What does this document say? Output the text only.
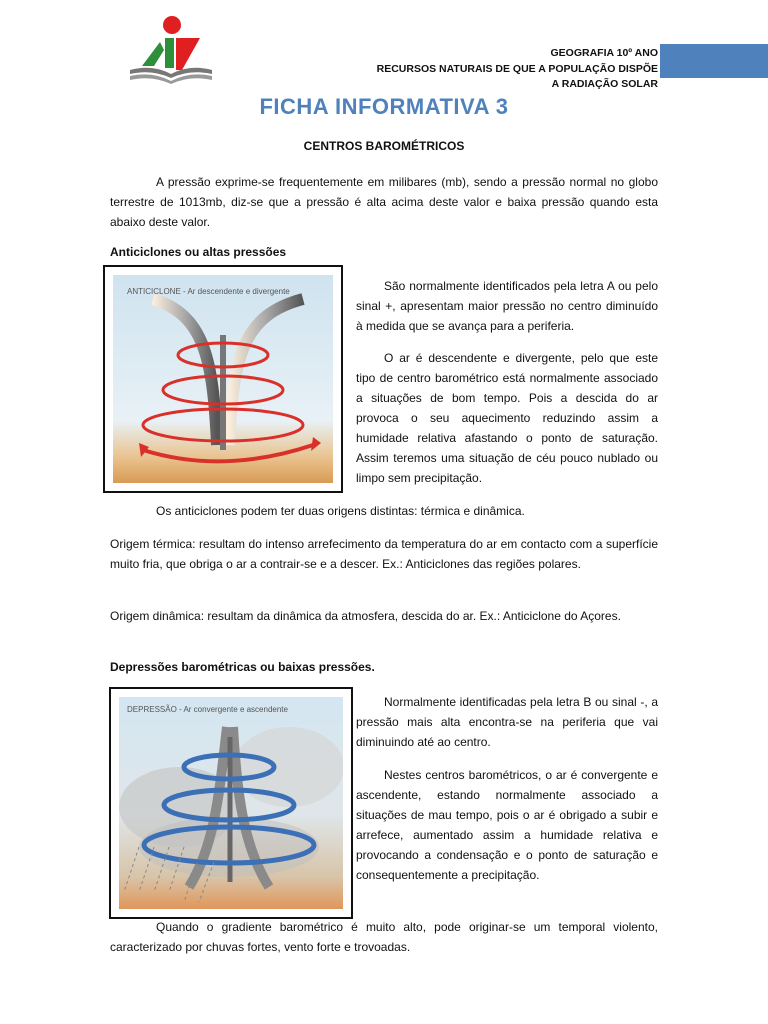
GEOGRAFIA 10º ANO
RECURSOS NATURAIS DE QUE A POPULAÇÃO DISPÕE
A RADIAÇÃO SOLAR
FICHA INFORMATIVA 3
CENTROS BAROMÉTRICOS
A pressão exprime-se frequentemente em milibares (mb), sendo a pressão normal no globo terrestre de 1013mb, diz-se que a pressão é alta acima deste valor e baixa pressão quando esta abaixo deste valor.
Anticiclones ou altas pressões
ANTICICLONE - Ar descendente e divergente	São normalmente identificados pela letra A ou pelo sinal +, apresentam maior pressão no centro diminuído à medida que se avança para a periferia.
O ar é descendente e divergente, pelo que este tipo de centro barométrico está normalmente associado a situações de bom tempo. Pois a descida do ar provoca o seu aquecimento reduzindo assim a humidade relativa afastando o ponto de saturação. Assim teremos uma situação de céu pouco nublado ou limpo sem precipitação.
Os anticiclones podem ter duas origens distintas: térmica e dinâmica.
Origem térmica: resultam do intenso arrefecimento da temperatura do ar em contacto com a superfície muito fria, que obriga o ar a contrair-se e a descer. Ex.: Anticiclones das regiões polares.
Origem dinâmica: resultam da dinâmica da atmosfera, descida do ar. Ex.: Anticiclone do Açores.
Depressões barométricas ou baixas pressões.
DEPRESSÃO - Ar convergente e ascendente
Normalmente identificadas pela letra B ou sinal -, a pressão mais alta encontra-se na periferia que vai diminuindo até ao centro.
Nestes centros barométricos, o ar é convergente e ascendente, estando normalmente associado a situações de mau tempo, pois o ar é obrigado a subir e arrefece, aumentado assim a humidade relativa e provocando a condensação e o ponto de saturação e consequentemente a precipitação.
Quando o gradiente barométrico é muito alto, pode originar-se um temporal violento, caracterizado por chuvas fortes, vento forte e trovoadas.
